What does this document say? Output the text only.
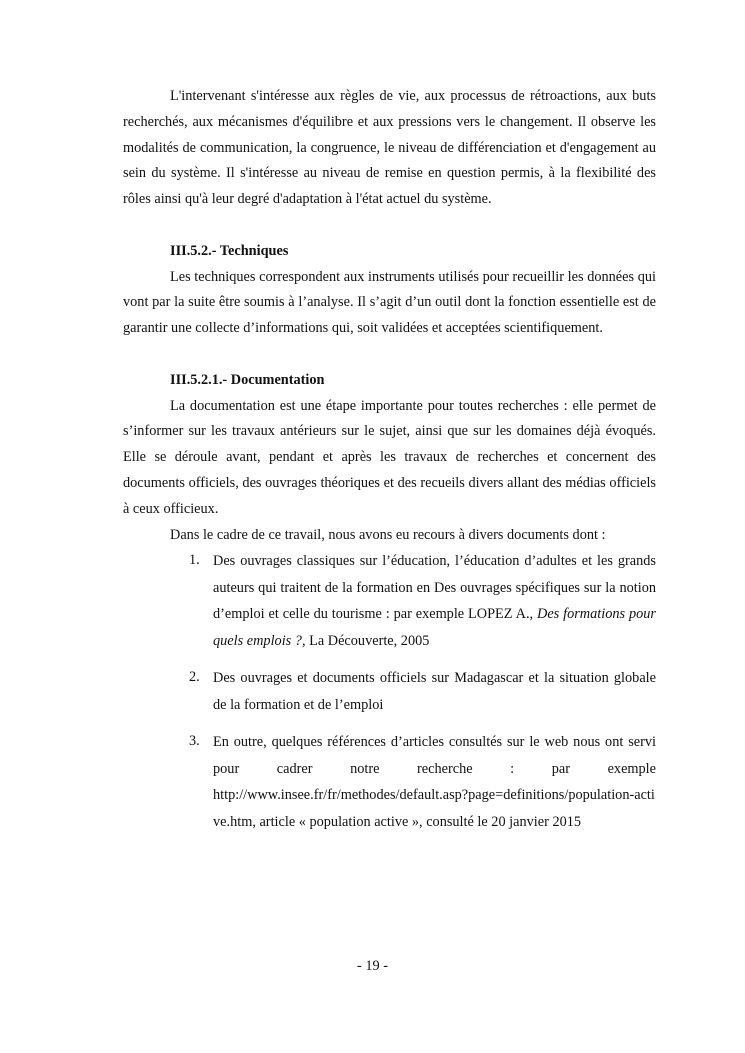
L'intervenant s'intéresse aux règles de vie, aux processus de rétroactions, aux buts recherchés, aux mécanismes d'équilibre et aux pressions vers le changement. Il observe les modalités de communication, la congruence, le niveau de différenciation et d'engagement au sein du système. Il s'intéresse au niveau de remise en question permis, à la flexibilité des rôles ainsi qu'à leur degré d'adaptation à l'état actuel du système.

III.5.2.- Techniques

Les techniques correspondent aux instruments utilisés pour recueillir les données qui vont par la suite être soumis à l’analyse. Il s’agit d’un outil dont la fonction essentielle est de garantir une collecte d’informations qui, soit validées et acceptées scientifiquement.

III.5.2.1.- Documentation

La documentation est une étape importante pour toutes recherches : elle permet de s’informer sur les travaux antérieurs sur le sujet, ainsi que sur les domaines déjà évoqués. Elle se déroule avant, pendant et après les travaux de recherches et concernent des documents officiels, des ouvrages théoriques et des recueils divers allant des médias officiels à ceux officieux.

Dans le cadre de ce travail, nous avons eu recours à divers documents dont :

1. Des ouvrages classiques sur l’éducation, l’éducation d’adultes et les grands auteurs qui traitent de la formation en Des ouvrages spécifiques sur la notion d’emploi et celle du tourisme : par exemple LOPEZ A., Des formations pour quels emplois ?, La Découverte, 2005

2. Des ouvrages et documents officiels sur Madagascar et la situation globale de la formation et de l’emploi

3. En outre, quelques références d’articles consultés sur le web nous ont servi

pour cadrer notre recherche : par exemple

http://www.insee.fr/fr/methodes/default.asp?page=definitions/population-active.htm, article « population active », consulté le 20 janvier 2015

- 19 -
